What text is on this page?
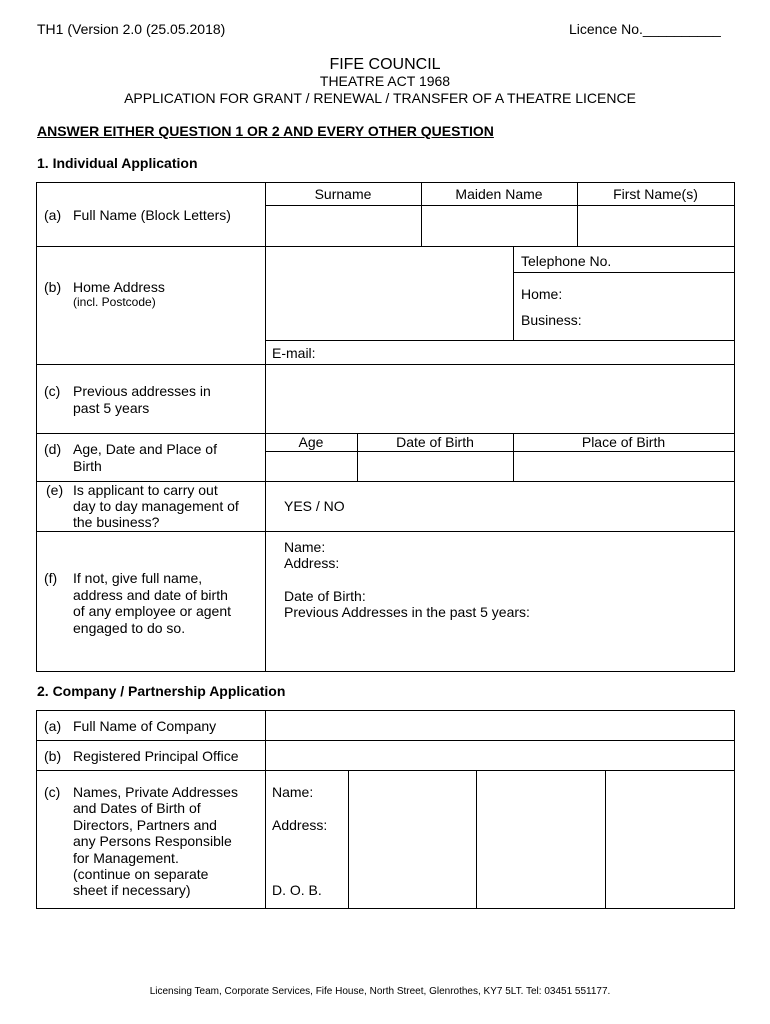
TH1 (Version 2.0 (25.05.2018)	Licence No.__________
FIFE COUNCIL
THEATRE ACT 1968
APPLICATION FOR GRANT / RENEWAL / TRANSFER OF A THEATRE LICENCE
ANSWER EITHER QUESTION 1 OR 2 AND EVERY OTHER QUESTION
1. Individual Application
(a) Full Name (Block Letters)
Surname	Maiden Name	First Name(s)
(b) Home Address
(incl. Postcode)
Telephone No.
Home:
Business:
E-mail:
(c) Previous addresses in
past 5 years
(d) Age, Date and Place of
Birth
Age	Date of Birth	Place of Birth
(e) Is applicant to carry out
day to day management of
the business?
YES / NO
(f) If not, give full name,
address and date of birth
of any employee or agent
engaged to do so.
Name:
Address:
Date of Birth:
Previous Addresses in the past 5 years:
2. Company / Partnership Application
(a) Full Name of Company
(b) Registered Principal Office
(c) Names, Private Addresses
and Dates of Birth of
Directors, Partners and
any Persons Responsible
for Management.
(continue on separate
sheet if necessary)
Name:
Address:
D. O. B.
Licensing Team, Corporate Services, Fife House, North Street, Glenrothes, KY7 5LT. Tel: 03451 551177.
